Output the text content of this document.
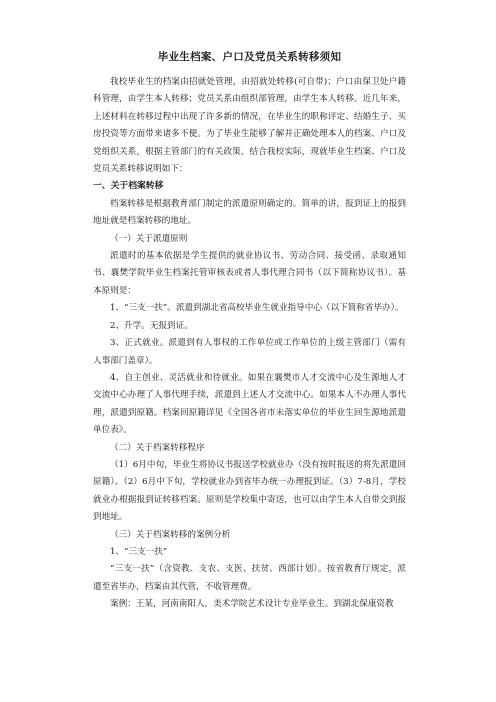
毕业生档案、户口及党员关系转移须知

我校毕业生的档案由招就处管理，由招就处转移(可自带)；户口由保卫处户籍科管理，由学生本人转移；党员关系由组织部管理，由学生本人转移。近几年来，上述材料在转移过程中出现了许多新的情况，在毕业生的职称评定、结婚生子、买房投资等方面带来诸多不便。为了毕业生能够了解并正确处理本人的档案、户口及党组织关系，根据主管部门的有关政策，结合我校实际，现就毕业生档案、户口及党员关系转移说明如下：

一、关于档案转移

档案转移是根据教育部门制定的派遣原则确定的。简单的讲，报到证上的报到地址就是档案转移的地址。

（一）关于派遣原则

派遣时的基本依据是学生提供的就业协议书、劳动合同、接受函、录取通知书、襄樊学院毕业生档案托管审核表或者人事代理合同书（以下简称协议书）。基本原则是：

1、“三支一扶”。派遣到湖北省高校毕业生就业指导中心（以下简称省毕办）。

2、升学。无报到证。

3、正式就业。派遣到有人事权的工作单位或工作单位的上级主管部门（需有人事部门盖章）。

4、自主创业、灵活就业和待就业。如果在襄樊市人才交流中心及生源地人才交流中心办理了人事代理手续，派遣到上述人才交流中心。如果本人不办理人事代理，派遣到原籍。档案回原籍详见《全国各省市未落实单位的毕业生回生源地派遣单位表》。

（二）关于档案转移程序

（1）6月中旬，毕业生将协议书报送学校就业办（没有按时报送的将先派遣回原籍）。（2）6月中下旬，学校就业办到省毕办统一办理报到证。（3）7-8月，学校就业办根据报到证转移档案。原则是学校集中寄送，也可以由学生本人自带交到报到地址。

（三）关于档案转移的案例分析

1、“三支一扶”

“三支一扶”（含资教、支农、支医、扶贫、西部计划）。按省教育厅规定，派遣至省毕办，档案由其代管，不收管理费。

案例：王某，河南南阳人，美术学院艺术设计专业毕业生。到湖北保康资教
